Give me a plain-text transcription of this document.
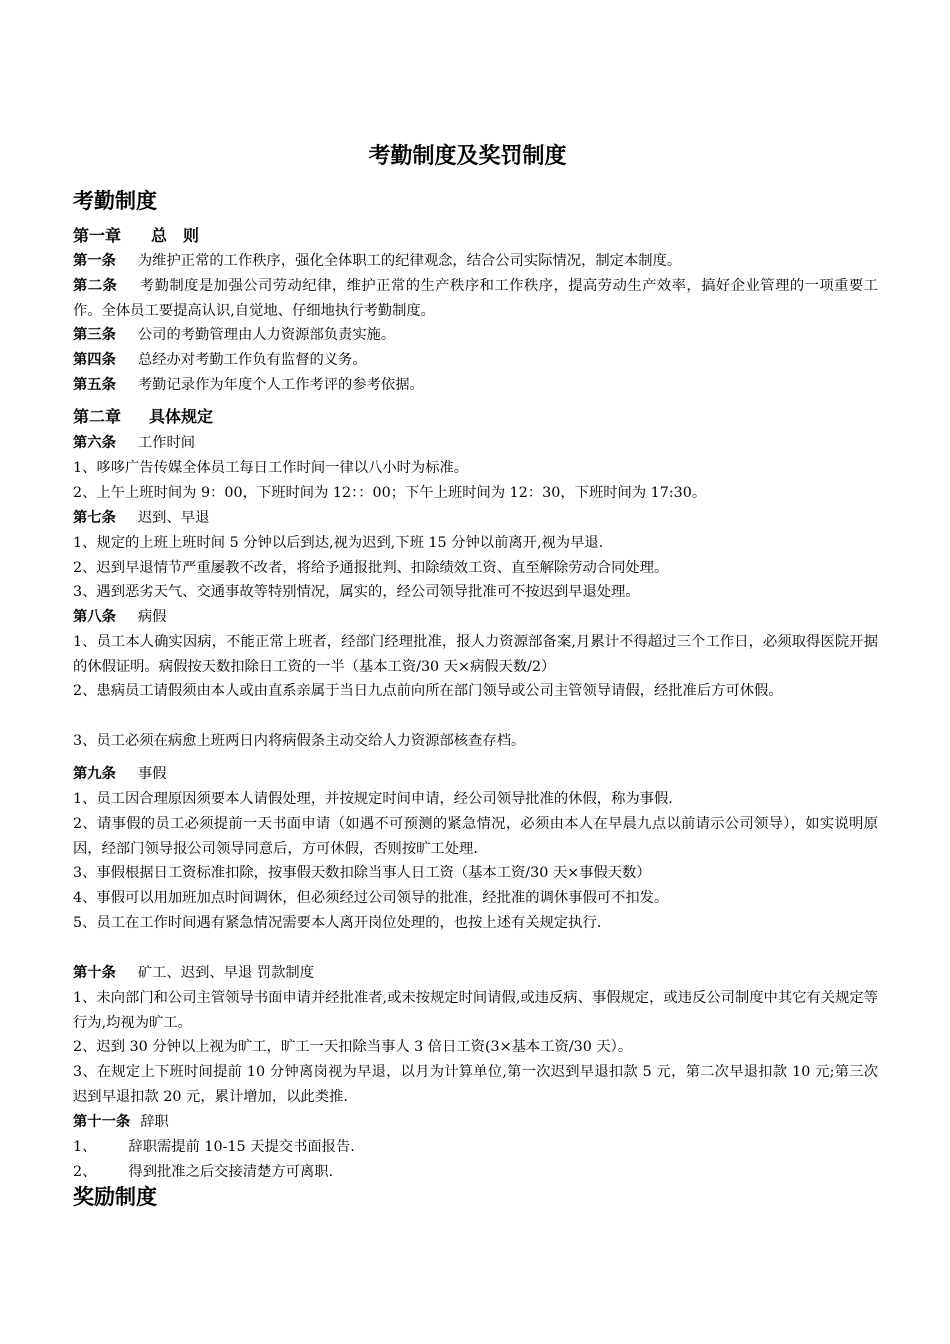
考勤制度及奖罚制度
考勤制度
第一章 总　则
第一条 为维护正常的工作秩序，强化全体职工的纪律观念，结合公司实际情况，制定本制度。
第二条 考勤制度是加强公司劳动纪律，维护正常的生产秩序和工作秩序，提高劳动生产效率，搞好企业管理的一项重要工作。全体员工要提高认识,自觉地、仔细地执行考勤制度。
第三条 公司的考勤管理由人力资源部负责实施。
第四条 总经办对考勤工作负有监督的义务。
第五条 考勤记录作为年度个人工作考评的参考依据。
第二章 具体规定
第六条 工作时间
1、哆哆广告传媒全体员工每日工作时间一律以八小时为标准。
2、上午上班时间为 9：00，下班时间为 12：：00；下午上班时间为 12：30，下班时间为 17:30。
第七条 迟到、早退
1、规定的上班上班时间 5 分钟以后到达,视为迟到,下班 15 分钟以前离开,视为早退.
2、迟到早退情节严重屡教不改者，将给予通报批判、扣除绩效工资、直至解除劳动合同处理。
3、遇到恶劣天气、交通事故等特别情况，属实的，经公司领导批准可不按迟到早退处理。
第八条 病假
1、员工本人确实因病，不能正常上班者，经部门经理批准，报人力资源部备案,月累计不得超过三个工作日，必须取得医院开据的休假证明。病假按天数扣除日工资的一半（基本工资/30 天×病假天数/2）
2、患病员工请假须由本人或由直系亲属于当日九点前向所在部门领导或公司主管领导请假，经批准后方可休假。
3、员工必须在病愈上班两日内将病假条主动交给人力资源部核查存档。
第九条 事假
1、员工因合理原因须要本人请假处理，并按规定时间申请，经公司领导批准的休假，称为事假.
2、请事假的员工必须提前一天书面申请（如遇不可预测的紧急情况，必须由本人在早晨九点以前请示公司领导），如实说明原因，经部门领导报公司领导同意后，方可休假，否则按旷工处理.
3、事假根据日工资标准扣除，按事假天数扣除当事人日工资（基本工资/30 天×事假天数）
4、事假可以用加班加点时间调休，但必须经过公司领导的批准，经批准的调休事假可不扣发。
5、员工在工作时间遇有紧急情况需要本人离开岗位处理的，也按上述有关规定执行.
第十条 矿工、迟到、早退 罚款制度
1、未向部门和公司主管领导书面申请并经批准者,或未按规定时间请假,或违反病、事假规定，或违反公司制度中其它有关规定等行为,均视为旷工。
2、迟到 30 分钟以上视为旷工，旷工一天扣除当事人 3 倍日工资(3×基本工资/30 天）。
3、在规定上下班时间提前 10 分钟离岗视为早退，以月为计算单位,第一次迟到早退扣款 5 元，第二次早退扣款 10 元;第三次迟到早退扣款 20 元，累计增加，以此类推.
第十一条 辞职
1、 辞职需提前 10-15 天提交书面报告.
2、 得到批准之后交接清楚方可离职.
奖励制度
